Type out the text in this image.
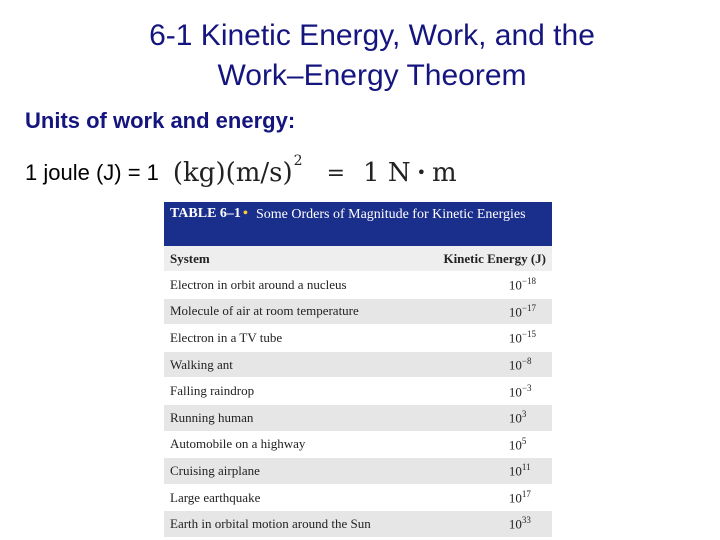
6-1 Kinetic Energy, Work, and the
Work–Energy Theorem
Units of work and energy:
1 joule (J) = 1 (kg)(m/s) 2 = 1 N • m
TABLE 6–1 • Some Orders of Magnitude for Kinetic Energies
System	Kinetic Energy (J)
Electron in orbit around a nucleus	$10^{-18}$
Molecule of air at room temperature	$10^{-17}$
Electron in a TV tube	$10^{-15}$
Walking ant	$10^{-8}$
Falling raindrop	$10^{-3}$
Running human	$10^3$
Automobile on a highway	$10^5$
Cruising airplane	$10^{11}$
Large earthquake	$10^{17}$
Earth in orbital motion around the Sun	$10^{33}$
